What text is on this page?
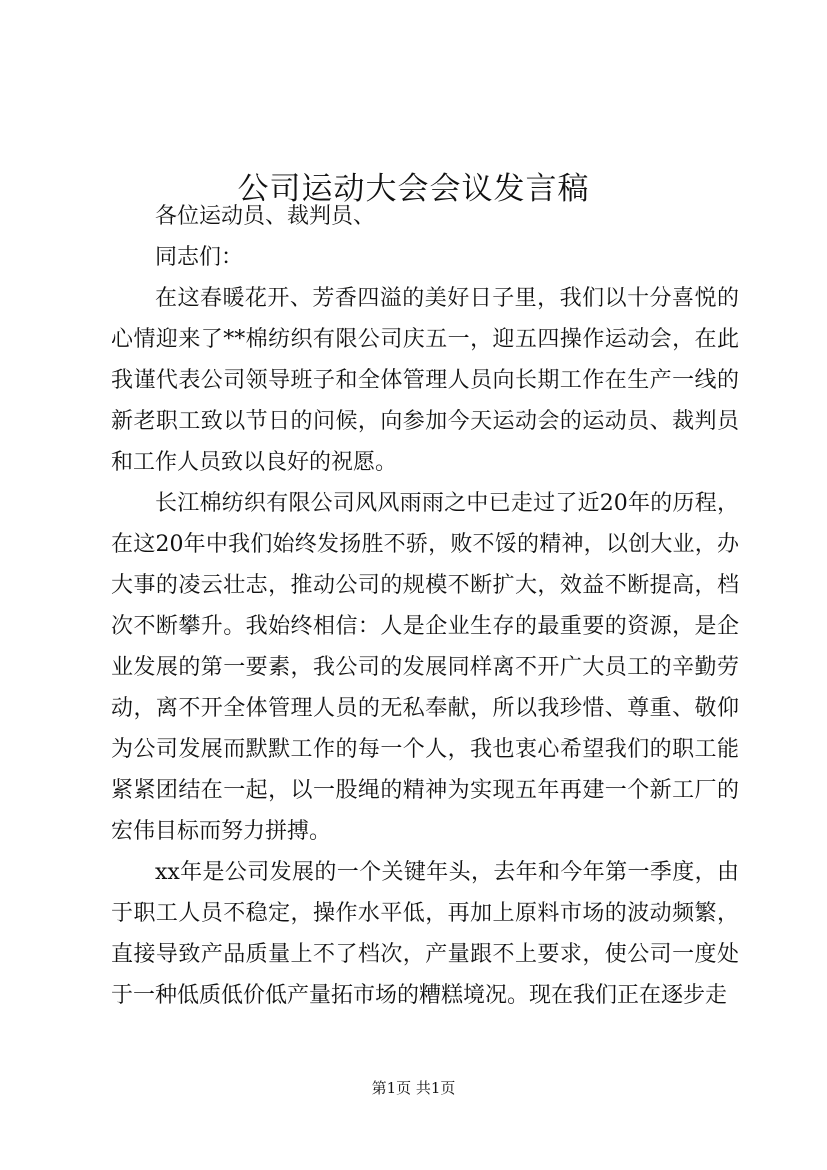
公司运动大会会议发言稿

各位运动员、裁判员、

同志们：

在这春暖花开、芳香四溢的美好日子里，我们以十分喜悦的心情迎来了**棉纺织有限公司庆五一，迎五四操作运动会，在此我谨代表公司领导班子和全体管理人员向长期工作在生产一线的新老职工致以节日的问候，向参加今天运动会的运动员、裁判员和工作人员致以良好的祝愿。

长江棉纺织有限公司风风雨雨之中已走过了近20年的历程，在这20年中我们始终发扬胜不骄，败不馁的精神，以创大业，办大事的凌云壮志，推动公司的规模不断扩大，效益不断提高，档次不断攀升。我始终相信：人是企业生存的最重要的资源，是企业发展的第一要素，我公司的发展同样离不开广大员工的辛勤劳动，离不开全体管理人员的无私奉献，所以我珍惜、尊重、敬仰为公司发展而默默工作的每一个人，我也衷心希望我们的职工能紧紧团结在一起，以一股绳的精神为实现五年再建一个新工厂的宏伟目标而努力拼搏。

xx年是公司发展的一个关键年头，去年和今年第一季度，由于职工人员不稳定，操作水平低，再加上原料市场的波动频繁，直接导致产品质量上不了档次，产量跟不上要求，使公司一度处于一种低质低价低产量拓市场的糟糕境况。现在我们正在逐步走

第1页 共1页
